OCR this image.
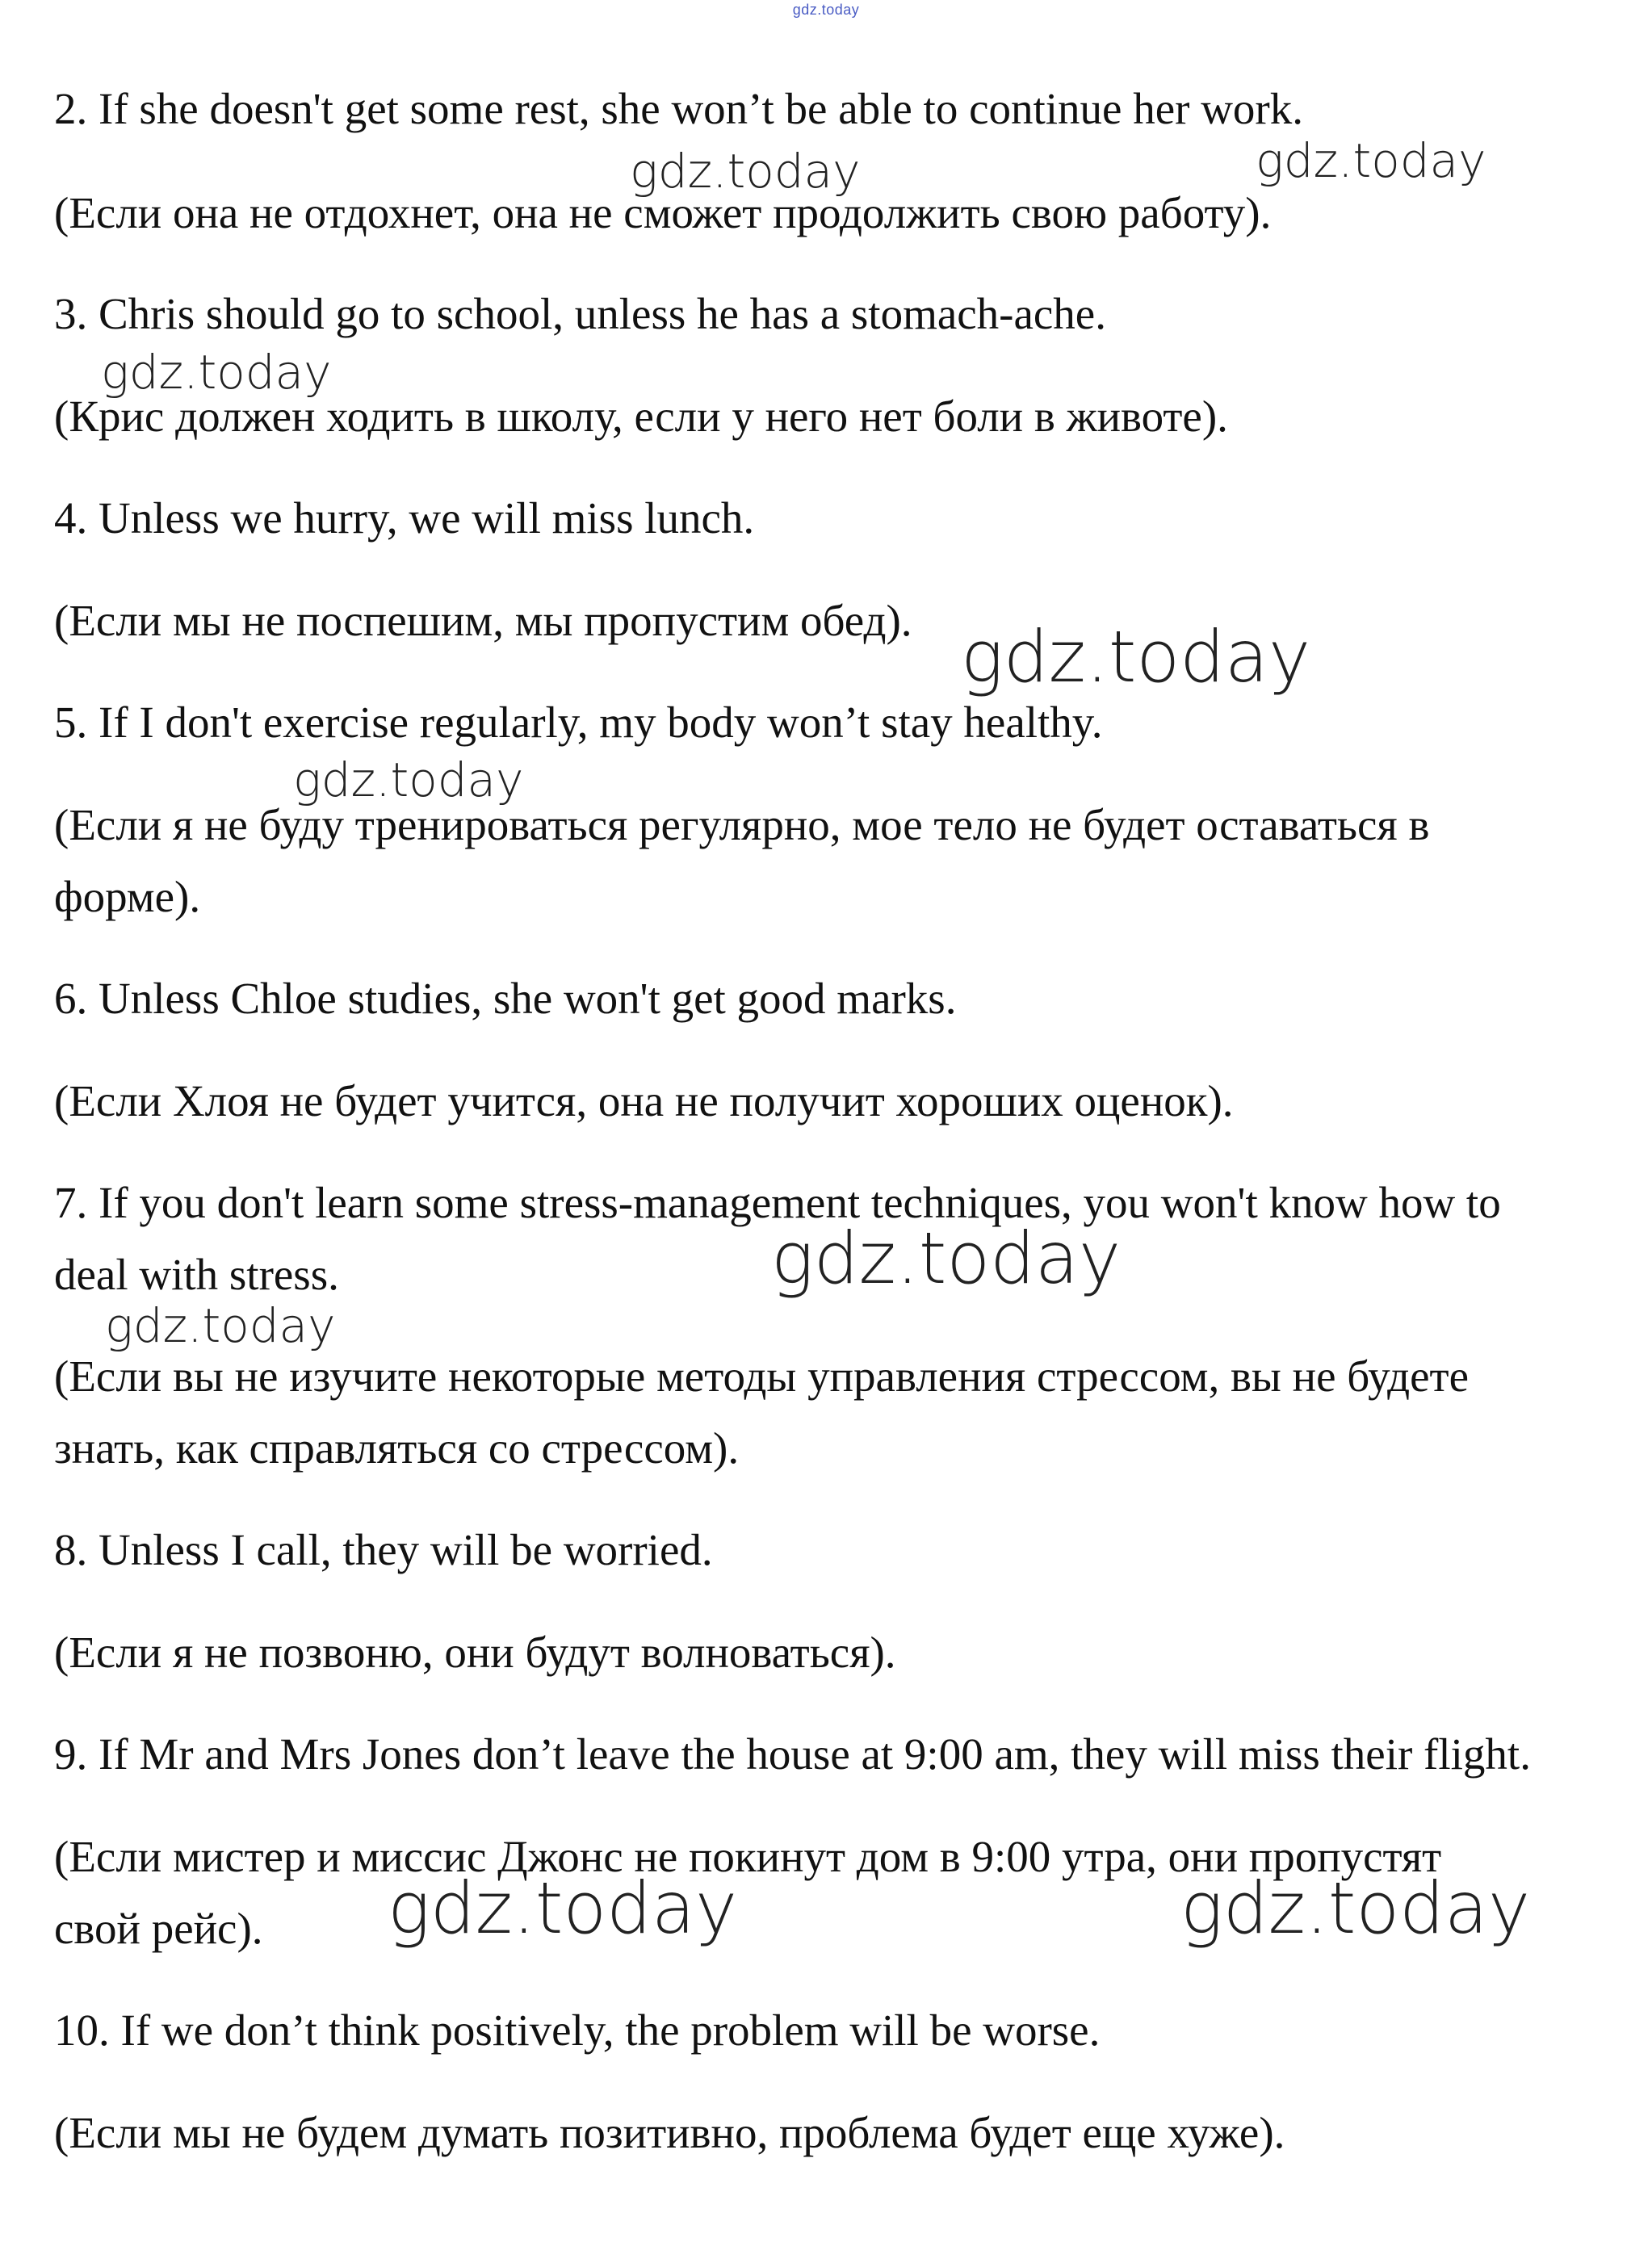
gdz.today
2. If she doesn't get some rest, she won’t be able to continue her work.
(Если она не отдохнет, она не сможет продолжить свою работу).
3. Chris should go to school, unless he has a stomach-ache.
(Крис должен ходить в школу, если у него нет боли в животе).
4. Unless we hurry, we will miss lunch.
(Если мы не поспешим, мы пропустим обед).
5. If I don't exercise regularly, my body won’t stay healthy.
(Если я не буду тренироваться регулярно, мое тело не будет оставаться в
форме).
6. Unless Chloe studies, she won't get good marks.
(Если Хлоя не будет учится, она не получит хороших оценок).
7. If you don't learn some stress-management techniques, you won't know how to
deal with stress.
(Если вы не изучите некоторые методы управления стрессом, вы не будете
знать, как справляться со стрессом).
8. Unless I call, they will be worried.
(Если я не позвоню, они будут волноваться).
9. If Mr and Mrs Jones don’t leave the house at 9:00 am, they will miss their flight.
(Если мистер и миссис Джонс не покинут дом в 9:00 утра, они пропустят
свой рейс).
10. If we don’t think positively, the problem will be worse.
(Если мы не будем думать позитивно, проблема будет еще хуже).
gdz.today	gdz.today
gdz.today
gdz.today
gdz.today
gdz.today
gdz.today
gdz.today	gdz.today
